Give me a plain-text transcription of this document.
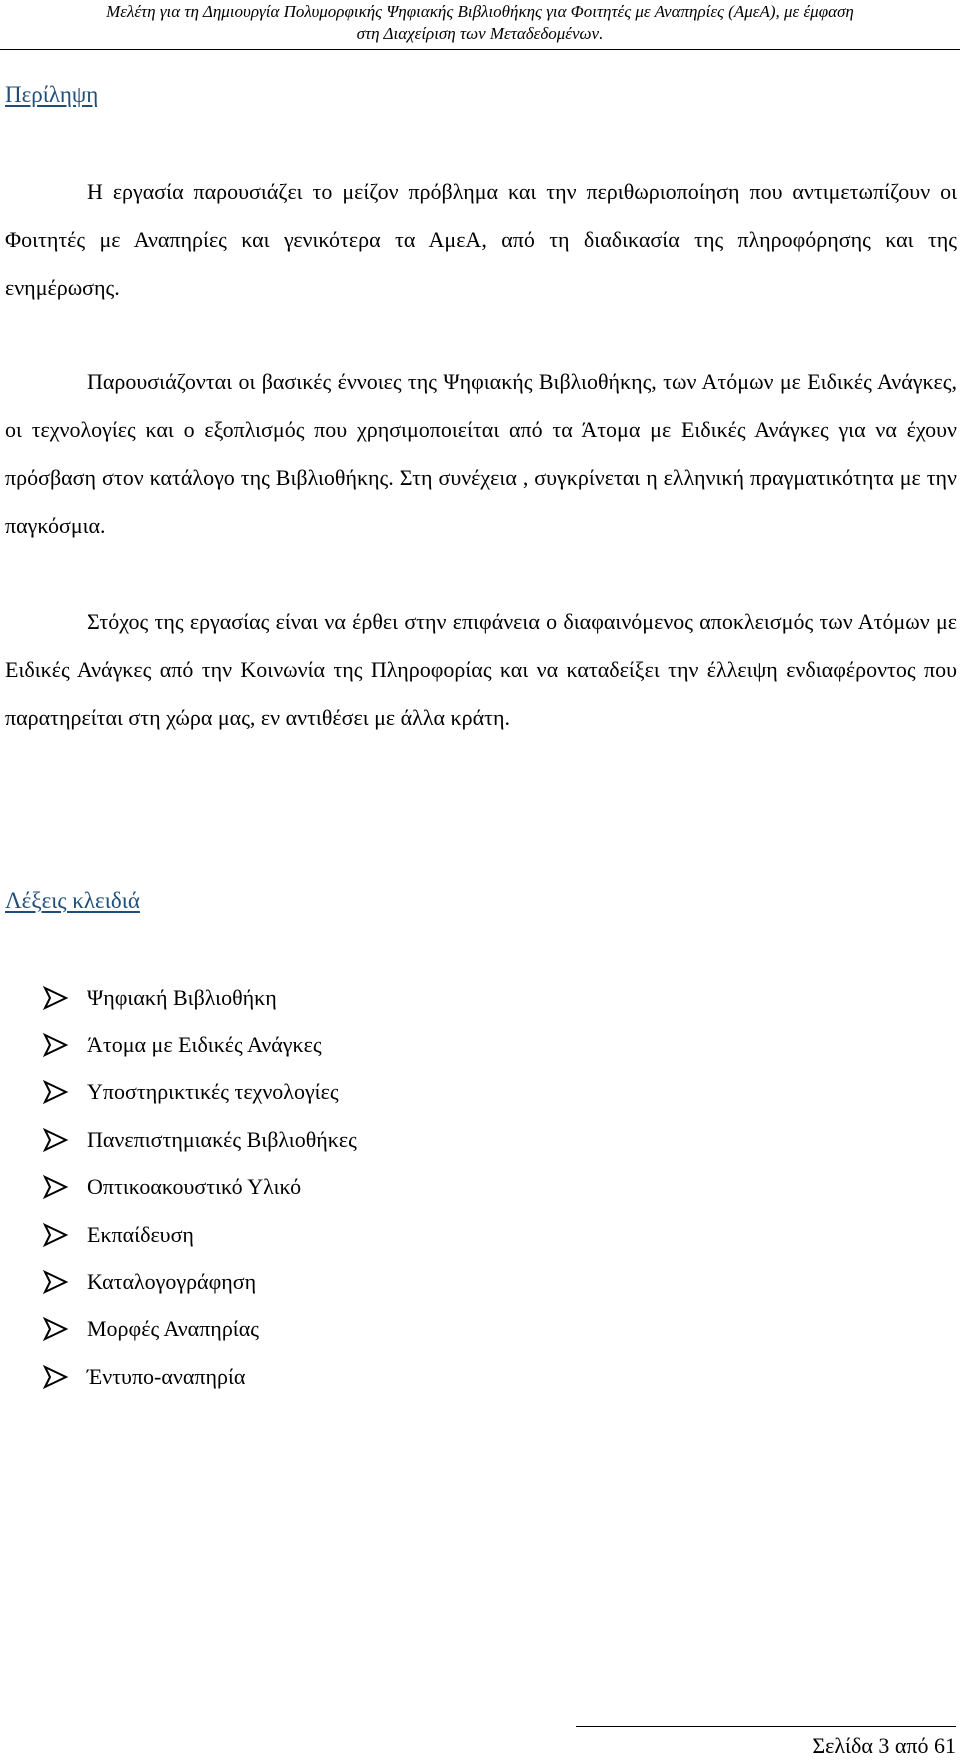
Μελέτη για τη Δημιουργία Πολυμορφικής Ψηφιακής Βιβλιοθήκης για Φοιτητές με Αναπηρίες (ΑμεΑ), με έμφαση
στη Διαχείριση των Μεταδεδομένων.
Περίληψη

Η εργασία παρουσιάζει το μείζον πρόβλημα και την περιθωριοποίηση που αντιμετωπίζουν οι Φοιτητές με Αναπηρίες και γενικότερα τα ΑμεΑ, από τη διαδικασία της πληροφόρησης και της ενημέρωσης.

Παρουσιάζονται οι βασικές έννοιες της Ψηφιακής Βιβλιοθήκης, των Ατόμων με Ειδικές Ανάγκες, οι τεχνολογίες και ο εξοπλισμός που χρησιμοποιείται από τα Άτομα με Ειδικές Ανάγκες για να έχουν πρόσβαση στον κατάλογο της Βιβλιοθήκης. Στη συνέχεια , συγκρίνεται η ελληνική πραγματικότητα με την παγκόσμια.

Στόχος της εργασίας είναι να έρθει στην επιφάνεια ο διαφαινόμενος αποκλεισμός των Ατόμων με Ειδικές Ανάγκες από την Κοινωνία της Πληροφορίας και να καταδείξει την έλλειψη ενδιαφέροντος που παρατηρείται στη χώρα μας, εν αντιθέσει με άλλα κράτη.

Λέξεις κλειδιά
Ψηφιακή Βιβλιοθήκη
Άτομα με Ειδικές Ανάγκες
Υποστηρικτικές τεχνολογίες
Πανεπιστημιακές Βιβλιοθήκες
Οπτικοακουστικό Υλικό
Εκπαίδευση
Καταλογογράφηση
Μορφές Αναπηρίας
Έντυπο-αναπηρία
Σελίδα 3 από 61
